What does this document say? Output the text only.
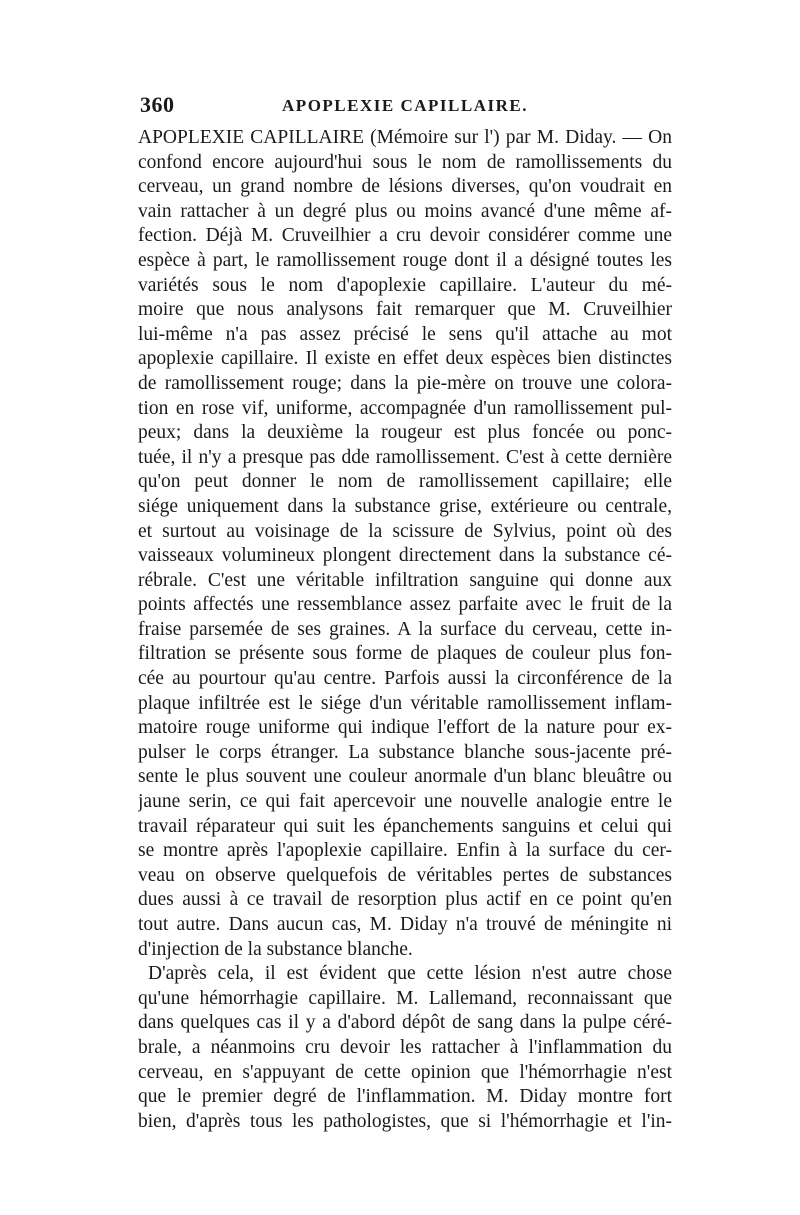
360	APOPLEXIE CAPILLAIRE.
APOPLEXIE CAPILLAIRE (Mémoire sur l') par M. Diday. — On
confond encore aujourd'hui sous le nom de ramollissements du
cerveau, un grand nombre de lésions diverses, qu'on voudrait en
vain rattacher à un degré plus ou moins avancé d'une même af-
fection. Déjà M. Cruveilhier a cru devoir considérer comme une
espèce à part, le ramollissement rouge dont il a désigné toutes les
variétés sous le nom d'apoplexie capillaire. L'auteur du mé-
moire que nous analysons fait remarquer que M. Cruveilhier
lui-même n'a pas assez précisé le sens qu'il attache au mot
apoplexie capillaire. Il existe en effet deux espèces bien distinctes
de ramollissement rouge; dans la pie-mère on trouve une colora-
tion en rose vif, uniforme, accompagnée d'un ramollissement pul-
peux; dans la deuxième la rougeur est plus foncée ou ponc-
tuée, il n'y a presque pas dde ramollissement. C'est à cette dernière
qu'on peut donner le nom de ramollissement capillaire; elle
siége uniquement dans la substance grise, extérieure ou centrale,
et surtout au voisinage de la scissure de Sylvius, point où des
vaisseaux volumineux plongent directement dans la substance cé-
rébrale. C'est une véritable infiltration sanguine qui donne aux
points affectés une ressemblance assez parfaite avec le fruit de la
fraise parsemée de ses graines. A la surface du cerveau, cette in-
filtration se présente sous forme de plaques de couleur plus fon-
cée au pourtour qu'au centre. Parfois aussi la circonférence de la
plaque infiltrée est le siége d'un véritable ramollissement inflam-
matoire rouge uniforme qui indique l'effort de la nature pour ex-
pulser le corps étranger. La substance blanche sous-jacente pré-
sente le plus souvent une couleur anormale d'un blanc bleuâtre ou
jaune serin, ce qui fait apercevoir une nouvelle analogie entre le
travail réparateur qui suit les épanchements sanguins et celui qui
se montre après l'apoplexie capillaire. Enfin à la surface du cer-
veau on observe quelquefois de véritables pertes de substances
dues aussi à ce travail de resorption plus actif en ce point qu'en
tout autre. Dans aucun cas, M. Diday n'a trouvé de méningite ni
d'injection de la substance blanche.
D'après cela, il est évident que cette lésion n'est autre chose
qu'une hémorrhagie capillaire. M. Lallemand, reconnaissant que
dans quelques cas il y a d'abord dépôt de sang dans la pulpe céré-
brale, a néanmoins cru devoir les rattacher à l'inflammation du
cerveau, en s'appuyant de cette opinion que l'hémorrhagie n'est
que le premier degré de l'inflammation. M. Diday montre fort
bien, d'après tous les pathologistes, que si l'hémorrhagie et l'in-
